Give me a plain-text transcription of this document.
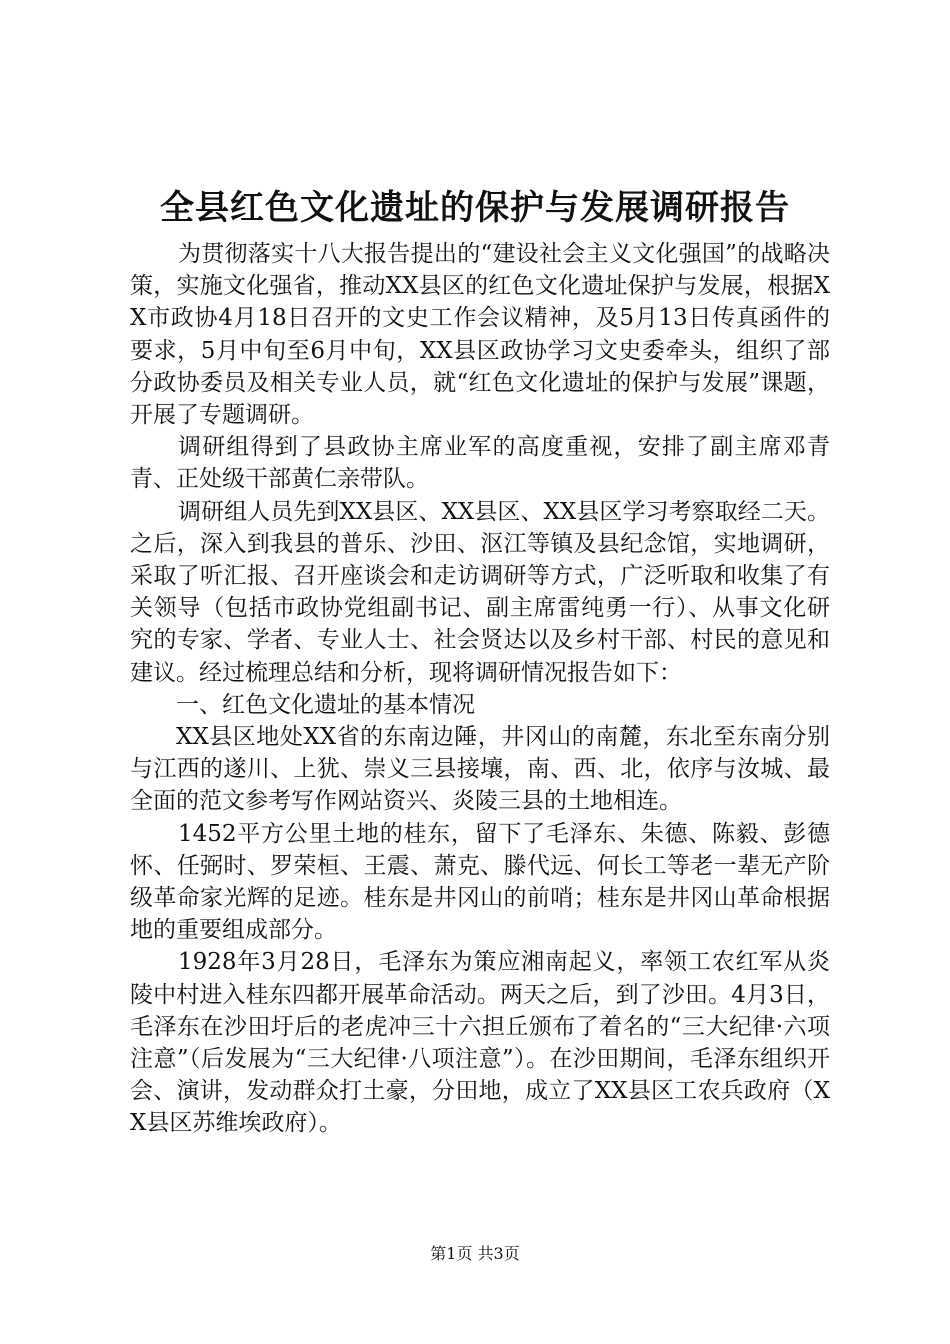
全县红色文化遗址的保护与发展调研报告

为贯彻落实十八大报告提出的“建设社会主义文化强国”的战略决策，实施文化强省，推动XX县区的红色文化遗址保护与发展，根据XX市政协4月18日召开的文史工作会议精神，及5月13日传真函件的要求，5月中旬至6月中旬，XX县区政协学习文史委牵头，组织了部分政协委员及相关专业人员，就“红色文化遗址的保护与发展”课题，开展了专题调研。

调研组得到了县政协主席业军的高度重视，安排了副主席邓青青、正处级干部黄仁亲带队。

调研组人员先到XX县区、XX县区、XX县区学习考察取经二天。之后，深入到我县的普乐、沙田、沤江等镇及县纪念馆，实地调研，采取了听汇报、召开座谈会和走访调研等方式，广泛听取和收集了有关领导（包括市政协党组副书记、副主席雷纯勇一行）、从事文化研究的专家、学者、专业人士、社会贤达以及乡村干部、村民的意见和建议。经过梳理总结和分析，现将调研情况报告如下：

一、红色文化遗址的基本情况

XX县区地处XX省的东南边陲，井冈山的南麓，东北至东南分别与江西的遂川、上犹、崇义三县接壤，南、西、北，依序与汝城、最全面的范文参考写作网站资兴、炎陵三县的土地相连。

1452平方公里土地的桂东，留下了毛泽东、朱德、陈毅、彭德怀、任弼时、罗荣桓、王震、萧克、滕代远、何长工等老一辈无产阶级革命家光辉的足迹。桂东是井冈山的前哨；桂东是井冈山革命根据地的重要组成部分。

1928年3月28日，毛泽东为策应湘南起义，率领工农红军从炎陵中村进入桂东四都开展革命活动。两天之后，到了沙田。4月3日，毛泽东在沙田圩后的老虎冲三十六担丘颁布了着名的“三大纪律·六项注意”（后发展为“三大纪律·八项注意”）。在沙田期间，毛泽东组织开会、演讲，发动群众打土豪，分田地，成立了XX县区工农兵政府（XX县区苏维埃政府）。

第1页 共3页
